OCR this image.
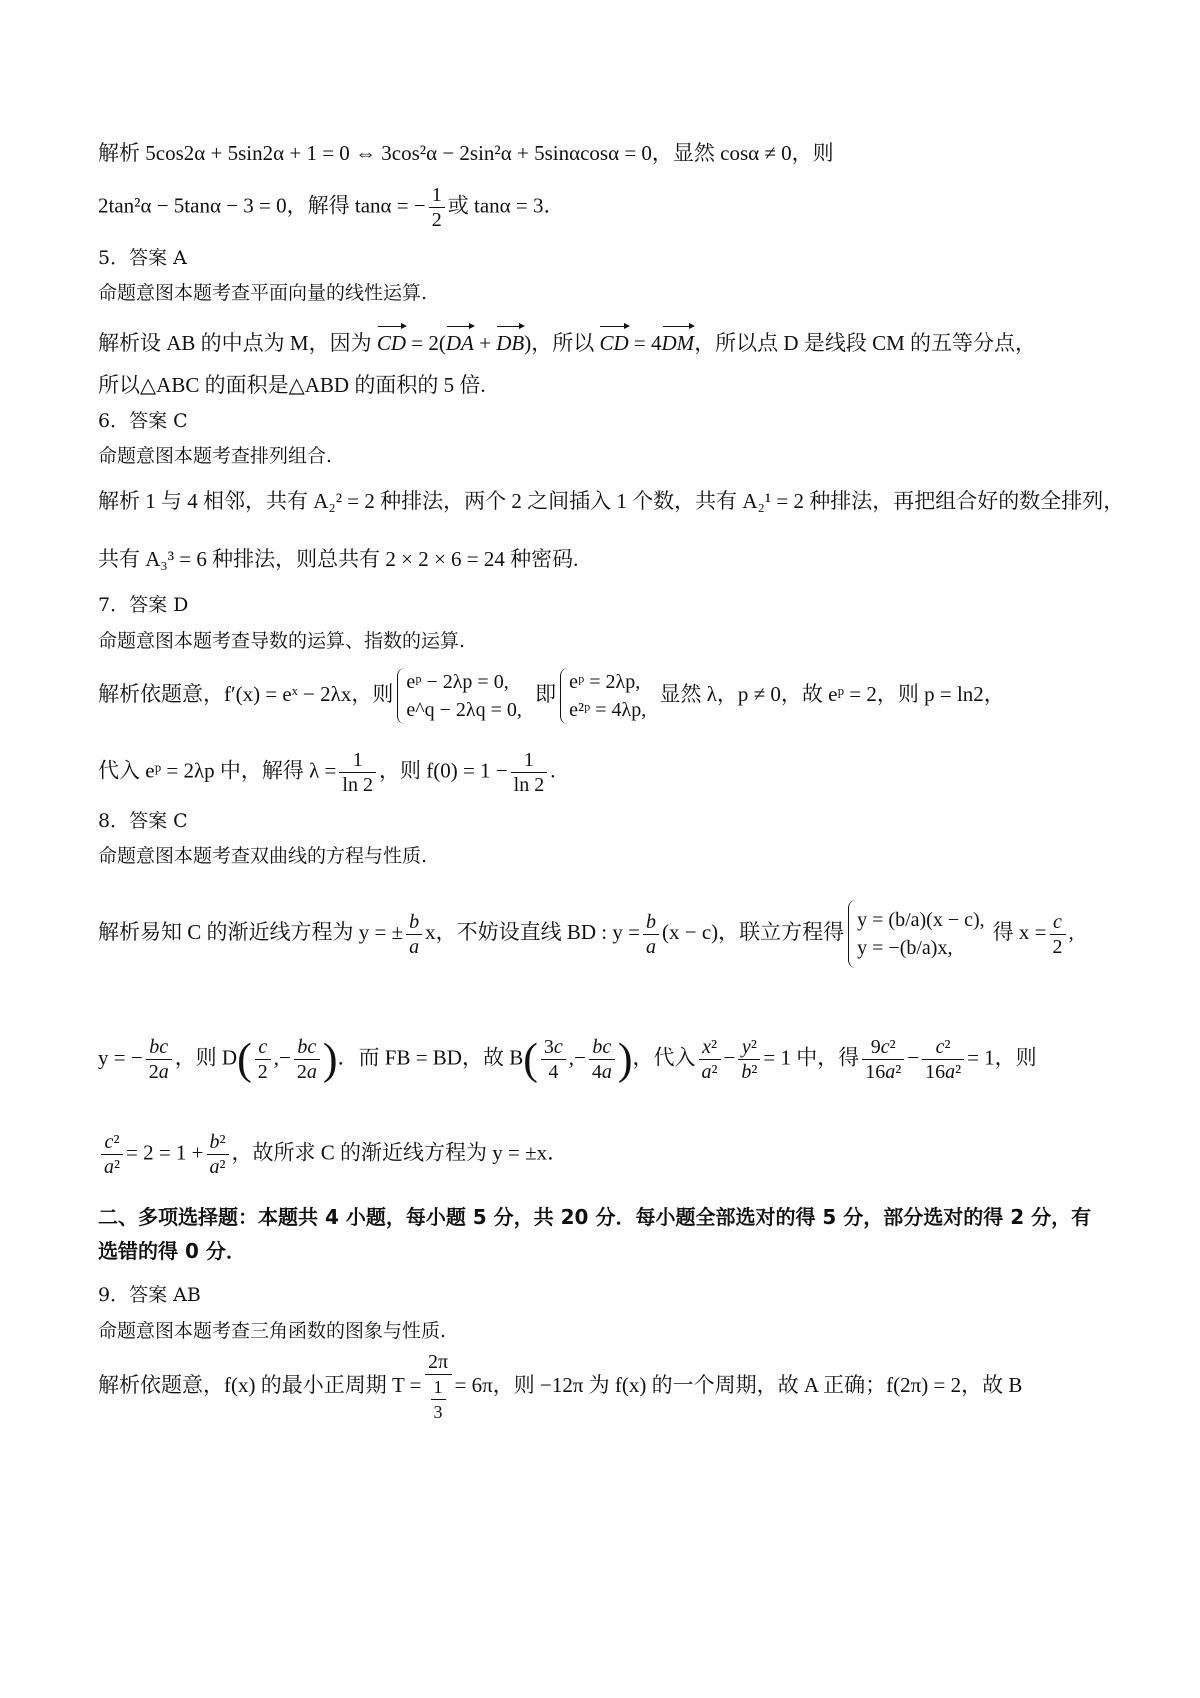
解析 5cos2α + 5sin2α + 1 = 0 ⇔ 3cos²α − 2sin²α + 5sinαcosα = 0，显然 cosα ≠ 0，则
2tan²α − 5tanα − 3 = 0，解得 tanα = − $\frac{1}{2}$ 或 tanα = 3．
5．答案 A
命题意图本题考查平面向量的线性运算.
解析设 AB 的中点为 M，因为 CD = 2(DA + DB)，所以 CD = 4DM，所以点 D 是线段 CM 的五等分点，
所以△ABC 的面积是△ABD 的面积的 5 倍.
6．答案 C
命题意图本题考查排列组合.
解析 1 与 4 相邻，共有 A₂² = 2 种排法，两个 2 之间插入 1 个数，共有 A₂¹ = 2 种排法，再把组合好的数全排列，
共有 A₃³ = 6 种排法，则总共有 2 × 2 × 6 = 24 种密码.
7．答案 D
命题意图本题考查导数的运算、指数的运算.
解析依题意，f′(x) = eˣ − 2λx，则 eᵖ − 2λp = 0,
e^q − 2λq = 0,
即 eᵖ = 2λp,
e²ᵖ = 4λp,
显然 λ，p ≠ 0，故 eᵖ = 2，则 p = ln2，
代入 eᵖ = 2λp 中，解得 $\lambda = \frac{1}{\ln 2}$ ，则 $f(0) = 1 - \frac{1}{\ln 2}$ .
8．答案 C
命题意图本题考查双曲线的方程与性质.
解析易知 C 的渐近线方程为 y = ± $\frac{b}{a}$ x，不妨设直线 BD : $y = \frac{b}{a} (x - c)$，联立方程得 y = (b/a)(x − c),
y = −(b/a)x,
得 $x = \frac{c}{2}$ ,
y = − $\frac{bc}{2a}$ ，则 $D( \frac{c}{2}$ ,− $\frac{bc}{2a}$ )．而 FB = BD，故 $B( \frac{3c}{4}$ ,− $\frac{bc}{4a}$ )，代入 $\frac{\text{x²}}{\text{a²}} - \frac{\text{y²}}{\text{b²}} = 1$ 中，得 $\frac{\text{9c²}}{\text{16a²}} - \frac{\text{c²}}{\text{16a²}} = 1$，则
$\frac{\text{c²}}{\text{a²}} = 2 = 1 + \frac{\text{b²}}{\text{a²}}$ ，故所求 C 的渐近线方程为 y = ±x．
二、多项选择题：本题共 4 小题，每小题 5 分，共 20 分．每小题全部选对的得 5 分，部分选对的得 2 分，有选错的得 0 分．
9．答案 AB
命题意图本题考查三角函数的图象与性质.
解析依题意，f(x) 的最小正周期 $T = \frac{2\pi}{\frac{1}{3}} = 6\pi$，则 −12π 为 f(x) 的一个周期，故 A 正确；f(2π) = 2，故 B
